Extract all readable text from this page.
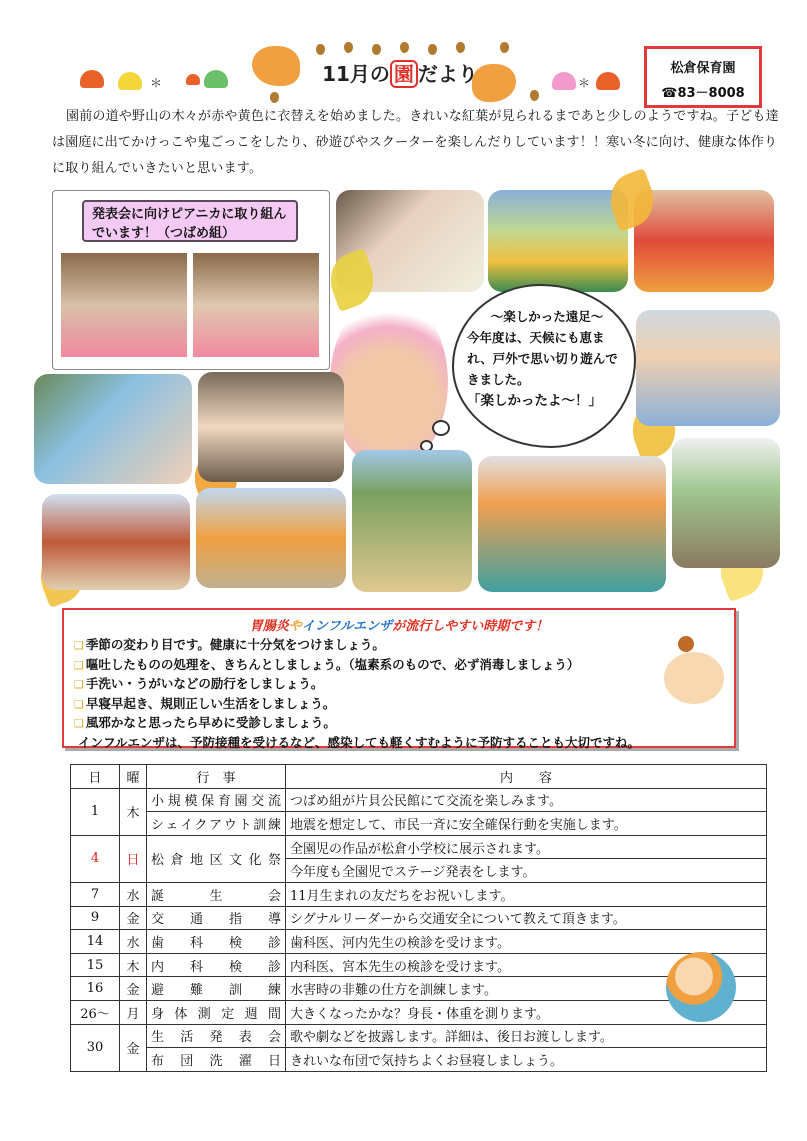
＊	＊
11月の 園 だより	松倉保育園
☎83－8008

園前の道や野山の木々が赤や黄色に衣替えを始めました。きれいな紅葉が見られるまであと少しのようですね。子ども達は園庭に出てかけっこや鬼ごっこをしたり、砂遊びやスクーターを楽しんだりしています！！寒い冬に向け、健康な体作りに取り組んでいきたいと思います。

発表会に向けピアニカに取り組んでいます！（つばめ組）
～楽しかった遠足～
今年度は、天候にも恵まれ、戸外で思い切り遊んできました。
「楽しかったよ～！」
胃腸炎やインフルエンザが流行しやすい時期です！
❑ 季節の変わり目です。健康に十分気をつけましょう。
❑ 嘔吐したものの処理を、きちんとしましょう。（塩素系のもので、必ず消毒しましょう）
❑ 手洗い・うがいなどの励行をしましょう。
❑ 早寝早起き、規則正しい生活をしましょう。
❑ 風邪かなと思ったら早めに受診しましょう。
インフルエンザは、予防接種を受けるなど、感染しても軽くすむように予防することも大切ですね。
日	曜	行　事	内　　容
1	木	小規模保育園交流	つばめ組が片貝公民館にて交流を楽しみます。
		シェイクアウト訓練	地震を想定して、市民一斉に安全確保行動を実施します。
4	日	松倉地区文化祭	全園児の作品が松倉小学校に展示されます。
			今年度も全園児でステージ発表をします。
7	水	誕生会	11月生まれの友だちをお祝いします。
9	金	交通指導	シグナルリーダーから交通安全について教えて頂きます。
14	水	歯科検診	歯科医、河内先生の検診を受けます。
15	木	内科検診	内科医、宮本先生の検診を受けます。
16	金	避難訓練	水害時の非難の仕方を訓練します。
26～	月	身体測定週間	大きくなったかな？身長・体重を測ります。
30	金	生活発表会	歌や劇などを披露します。詳細は、後日お渡しします。
		布団洗濯日	きれいな布団で気持ちよくお昼寝しましょう。
